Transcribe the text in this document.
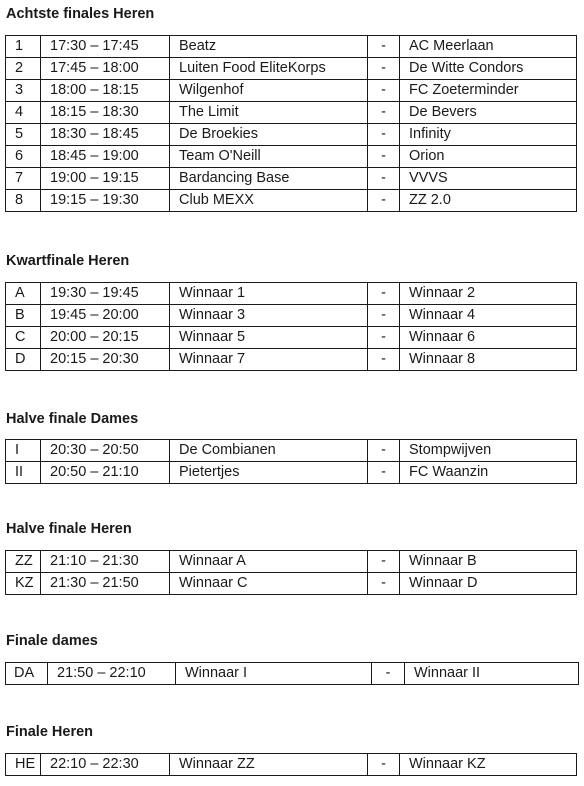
Achtste finales Heren
1	17:30 – 17:45	Beatz	-	AC Meerlaan
2	17:45 – 18:00	Luiten Food EliteKorps	-	De Witte Condors
3	18:00 – 18:15	Wilgenhof	-	FC Zoeterminder
4	18:15 – 18:30	The Limit	-	De Bevers
5	18:30 – 18:45	De Broekies	-	Infinity
6	18:45 – 19:00	Team O'Neill	-	Orion
7	19:00 – 19:15	Bardancing Base	-	VVVS
8	19:15 – 19:30	Club MEXX	-	ZZ 2.0
Kwartfinale Heren
A	19:30 – 19:45	Winnaar 1	-	Winnaar 2
B	19:45 – 20:00	Winnaar 3	-	Winnaar 4
C	20:00 – 20:15	Winnaar 5	-	Winnaar 6
D	20:15 – 20:30	Winnaar 7	-	Winnaar 8
Halve finale Dames
I	20:30 – 20:50	De Combianen	-	Stompwijven
II	20:50 – 21:10	Pietertjes	-	FC Waanzin
Halve finale Heren
ZZ	21:10 – 21:30	Winnaar A	-	Winnaar B
KZ	21:30 – 21:50	Winnaar C	-	Winnaar D
Finale dames
DA	21:50 – 22:10	Winnaar I	-	Winnaar II
Finale Heren
HE	22:10 – 22:30	Winnaar ZZ	-	Winnaar KZ
